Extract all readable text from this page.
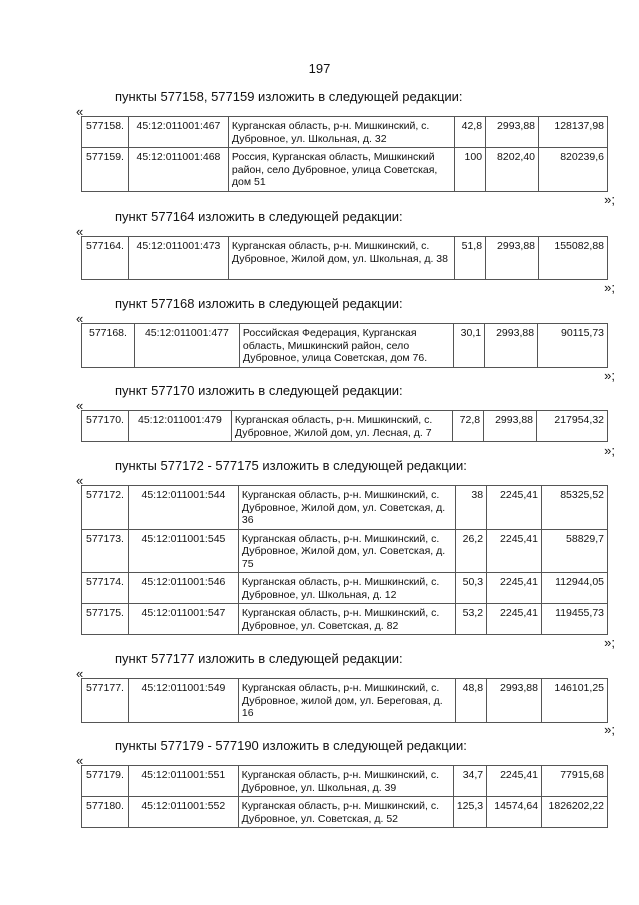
197
пункты 577158, 577159 изложить в следующей редакции:
«
577158.	45:12:011001:467	Курганская область, р-н. Мишкинский, с. Дубровное, ул. Школьная, д. 32	42,8	2993,88	128137,98
577159.	45:12:011001:468	Россия, Курганская область, Мишкинский район, село Дубровное, улица Советская, дом 51	100	8202,40	820239,6
»;
пункт 577164 изложить в следующей редакции:
«
577164.	45:12:011001:473	Курганская область, р-н. Мишкинский, с. Дубровное, Жилой дом, ул. Школьная, д. 38	51,8	2993,88	155082,88
»;
пункт 577168 изложить в следующей редакции:
«
577168.	45:12:011001:477	Российская Федерация, Курганская область, Мишкинский район, село Дубровное, улица Советская, дом 76.	30,1	2993,88	90115,73
»;
пункт 577170 изложить в следующей редакции:
«
577170.	45:12:011001:479	Курганская область, р-н. Мишкинский, с. Дубровное, Жилой дом, ул. Лесная, д. 7	72,8	2993,88	217954,32
»;
пункты 577172 - 577175 изложить в следующей редакции:
«
577172.	45:12:011001:544	Курганская область, р-н. Мишкинский, с. Дубровное, Жилой дом, ул. Советская, д. 36	38	2245,41	85325,52
577173.	45:12:011001:545	Курганская область, р-н. Мишкинский, с. Дубровное, Жилой дом, ул. Советская, д. 75	26,2	2245,41	58829,7
577174.	45:12:011001:546	Курганская область, р-н. Мишкинский, с. Дубровное, ул. Школьная, д. 12	50,3	2245,41	112944,05
577175.	45:12:011001:547	Курганская область, р-н. Мишкинский, с. Дубровное, ул. Советская, д. 82	53,2	2245,41	119455,73
»;
пункт 577177 изложить в следующей редакции:
«
577177.	45:12:011001:549	Курганская область, р-н. Мишкинский, с. Дубровное, жилой дом, ул. Береговая, д. 16	48,8	2993,88	146101,25
»;
пункты 577179 - 577190 изложить в следующей редакции:
«
577179.	45:12:011001:551	Курганская область, р-н. Мишкинский, с. Дубровное, ул. Школьная, д. 39	34,7	2245,41	77915,68
577180.	45:12:011001:552	Курганская область, р-н. Мишкинский, с. Дубровное, ул. Советская, д. 52	125,3	14574,64	1826202,22
